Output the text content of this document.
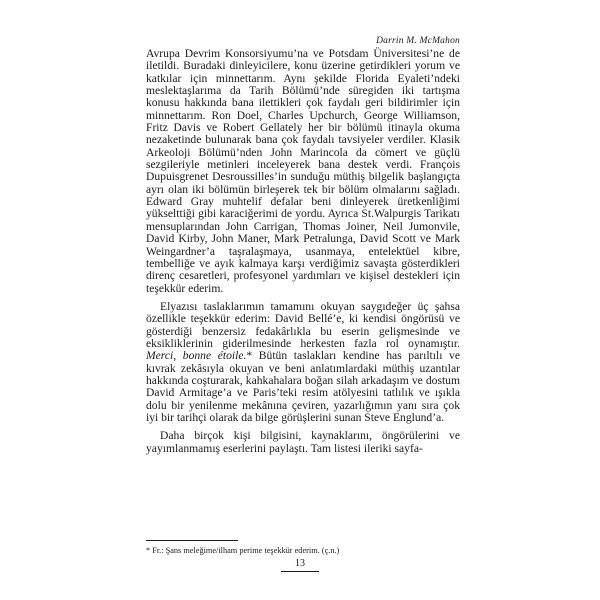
Darrin M. McMahon

Avrupa Devrim Konsorsiyumu’na ve Potsdam Üniversitesi’ne de iletildi. Buradaki dinleyicilere, konu üzerine getirdikleri yorum ve katkılar için minnettarım. Aynı şekilde Florida Eyaleti’ndeki meslektaşlarıma da Tarih Bölümü’nde süregiden iki tartışma konusu hakkında bana ilettikleri çok faydalı geri bildirimler için minnettarım. Ron Doel, Charles Upchurch, George Williamson, Fritz Davis ve Robert Gellately her bir bölümü itinayla okuma nezaketinde bulunarak bana çok faydalı tavsiyeler verdiler. Klasik Arkeoloji Bölümü’nden John Marincola da cömert ve güçlü sezgileriyle metinleri inceleyerek bana destek verdi. François Dupuisgrenet Desroussilles’in sunduğu müthiş bilgelik başlangıçta ayrı olan iki bölümün birleşerek tek bir bölüm olmalarını sağladı. Edward Gray muhtelif defalar beni dinleyerek üretkenliğimi yükselttiği gibi karaciğerimi de yordu. Ayrıca St.Walpurgis Tarikatı mensuplarından John Carrigan, Thomas Joiner, Neil Jumonvile, David Kirby, John Maner, Mark Petralunga, David Scott ve Mark Weingardner’a taşralaşmaya, usanmaya, entelektüel kibre, tembelliğe ve ayık kalmaya karşı verdiğimiz savaşta gösterdikleri direnç cesaretleri, profesyonel yardımları ve kişisel destekleri için teşekkür ederim.

Elyazısı taslaklarımın tamamını okuyan saygıdeğer üç şahsa özellikle teşekkür ederim: David Bellé’e, ki kendisi öngörüsü ve gösterdiği benzersiz fedakârlıkla bu eserin gelişmesinde ve eksikliklerinin giderilmesinde herkesten fazla rol oynamıştır. Merci, bonne étoile.* Bütün taslakları kendine has parıltılı ve kıvrak zekâsıyla okuyan ve beni anlatımlardaki müthiş uzantılar hakkında coşturarak, kahkahalara boğan silah arkadaşım ve dostum David Armitage’a ve Paris’teki resim atölyesini tatlılık ve ışıkla dolu bir yenilenme mekânına çeviren, yazarlığımın yanı sıra çok iyi bir tarihçi olarak da bilge görüşlerini sunan Steve Englund’a.

Daha birçok kişi bilgisini, kaynaklarını, öngörülerini ve yayımlanmamış eserlerini paylaştı. Tam listesi ileriki sayfa-

* Fr.: Şans meleğime/ilham perime teşekkür ederim. (ç.n.)
13
